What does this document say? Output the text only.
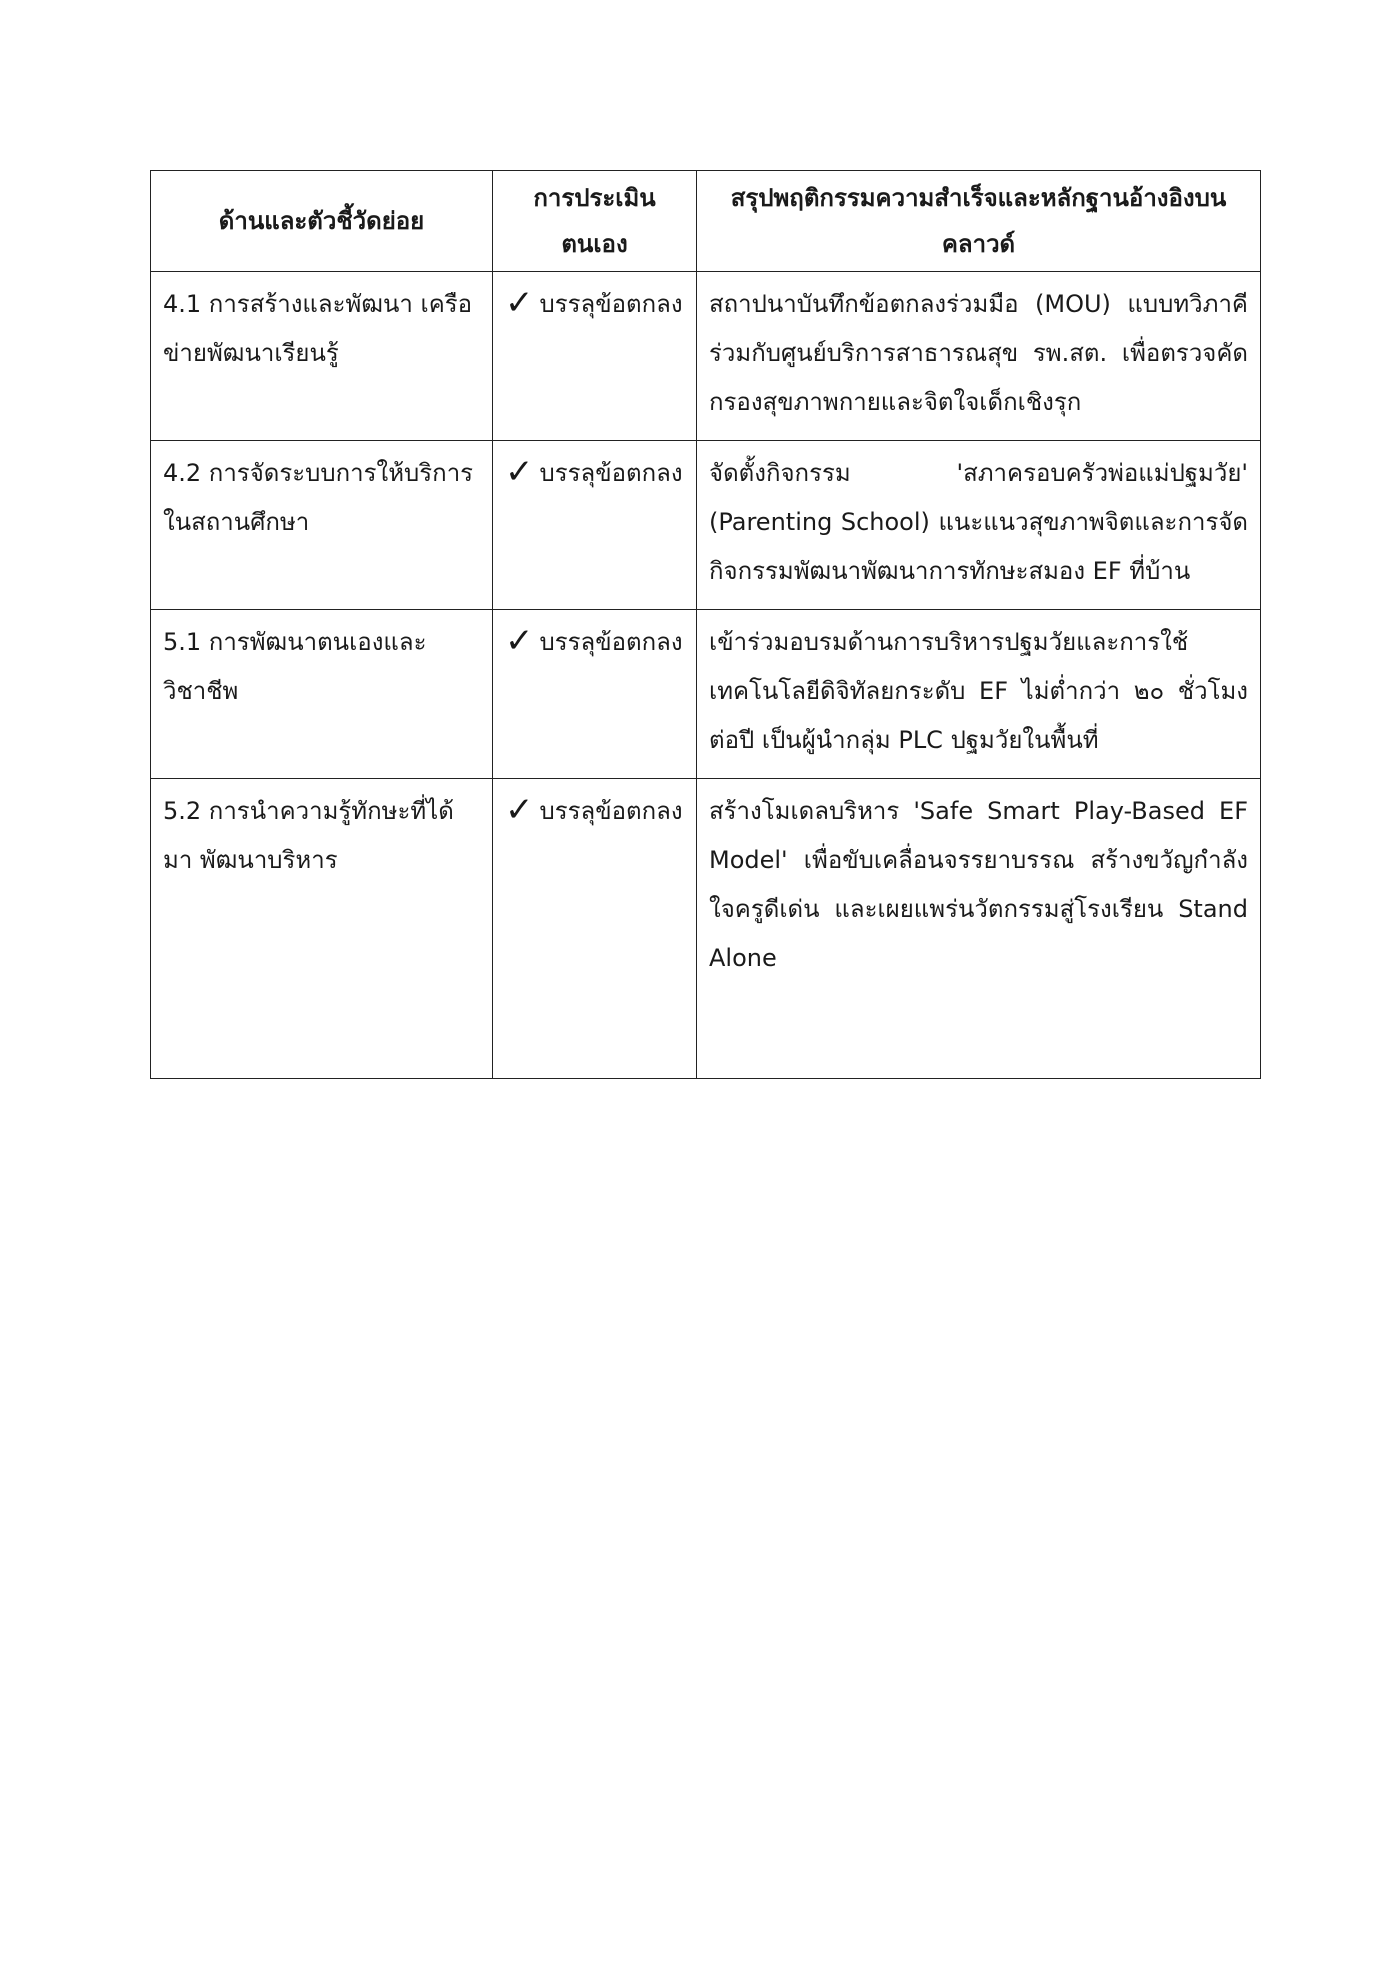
ด้านและตัวชี้วัดย่อย	การประเมิน ตนเอง	สรุปพฤติกรรมความสำเร็จและหลักฐานอ้างอิงบน คลาวด์
4.1 การสร้างและพัฒนา เครือข่ายพัฒนาเรียนรู้	✓ บรรลุข้อตกลง	สถาปนาบันทึกข้อตกลงร่วมมือ (MOU) แบบทวิภาคี ร่วมกับศูนย์บริการสาธารณสุข รพ.สต. เพื่อตรวจคัดกรองสุขภาพกายและจิตใจเด็กเชิงรุก
4.2 การจัดระบบการให้บริการ ในสถานศึกษา	✓ บรรลุข้อตกลง	จัดตั้งกิจกรรม 'สภาครอบครัวพ่อแม่ปฐมวัย' (Parenting School) แนะแนวสุขภาพจิตและการจัดกิจกรรมพัฒนาพัฒนาการทักษะสมอง EF ที่บ้าน
5.1 การพัฒนาตนเองและ วิชาชีพ	✓ บรรลุข้อตกลง	เข้าร่วมอบรมด้านการบริหารปฐมวัยและการใช้เทคโนโลยีดิจิทัลยกระดับ EF ไม่ต่ำกว่า ๒๐ ชั่วโมงต่อปี เป็นผู้นำกลุ่ม PLC ปฐมวัยในพื้นที่
5.2 การนำความรู้ทักษะที่ได้มา พัฒนาบริหาร	✓ บรรลุข้อตกลง	สร้างโมเดลบริหาร 'Safe Smart Play-Based EF Model' เพื่อขับเคลื่อนจรรยาบรรณ สร้างขวัญกำลังใจครูดีเด่น และเผยแพร่นวัตกรรมสู่โรงเรียน Stand Alone
